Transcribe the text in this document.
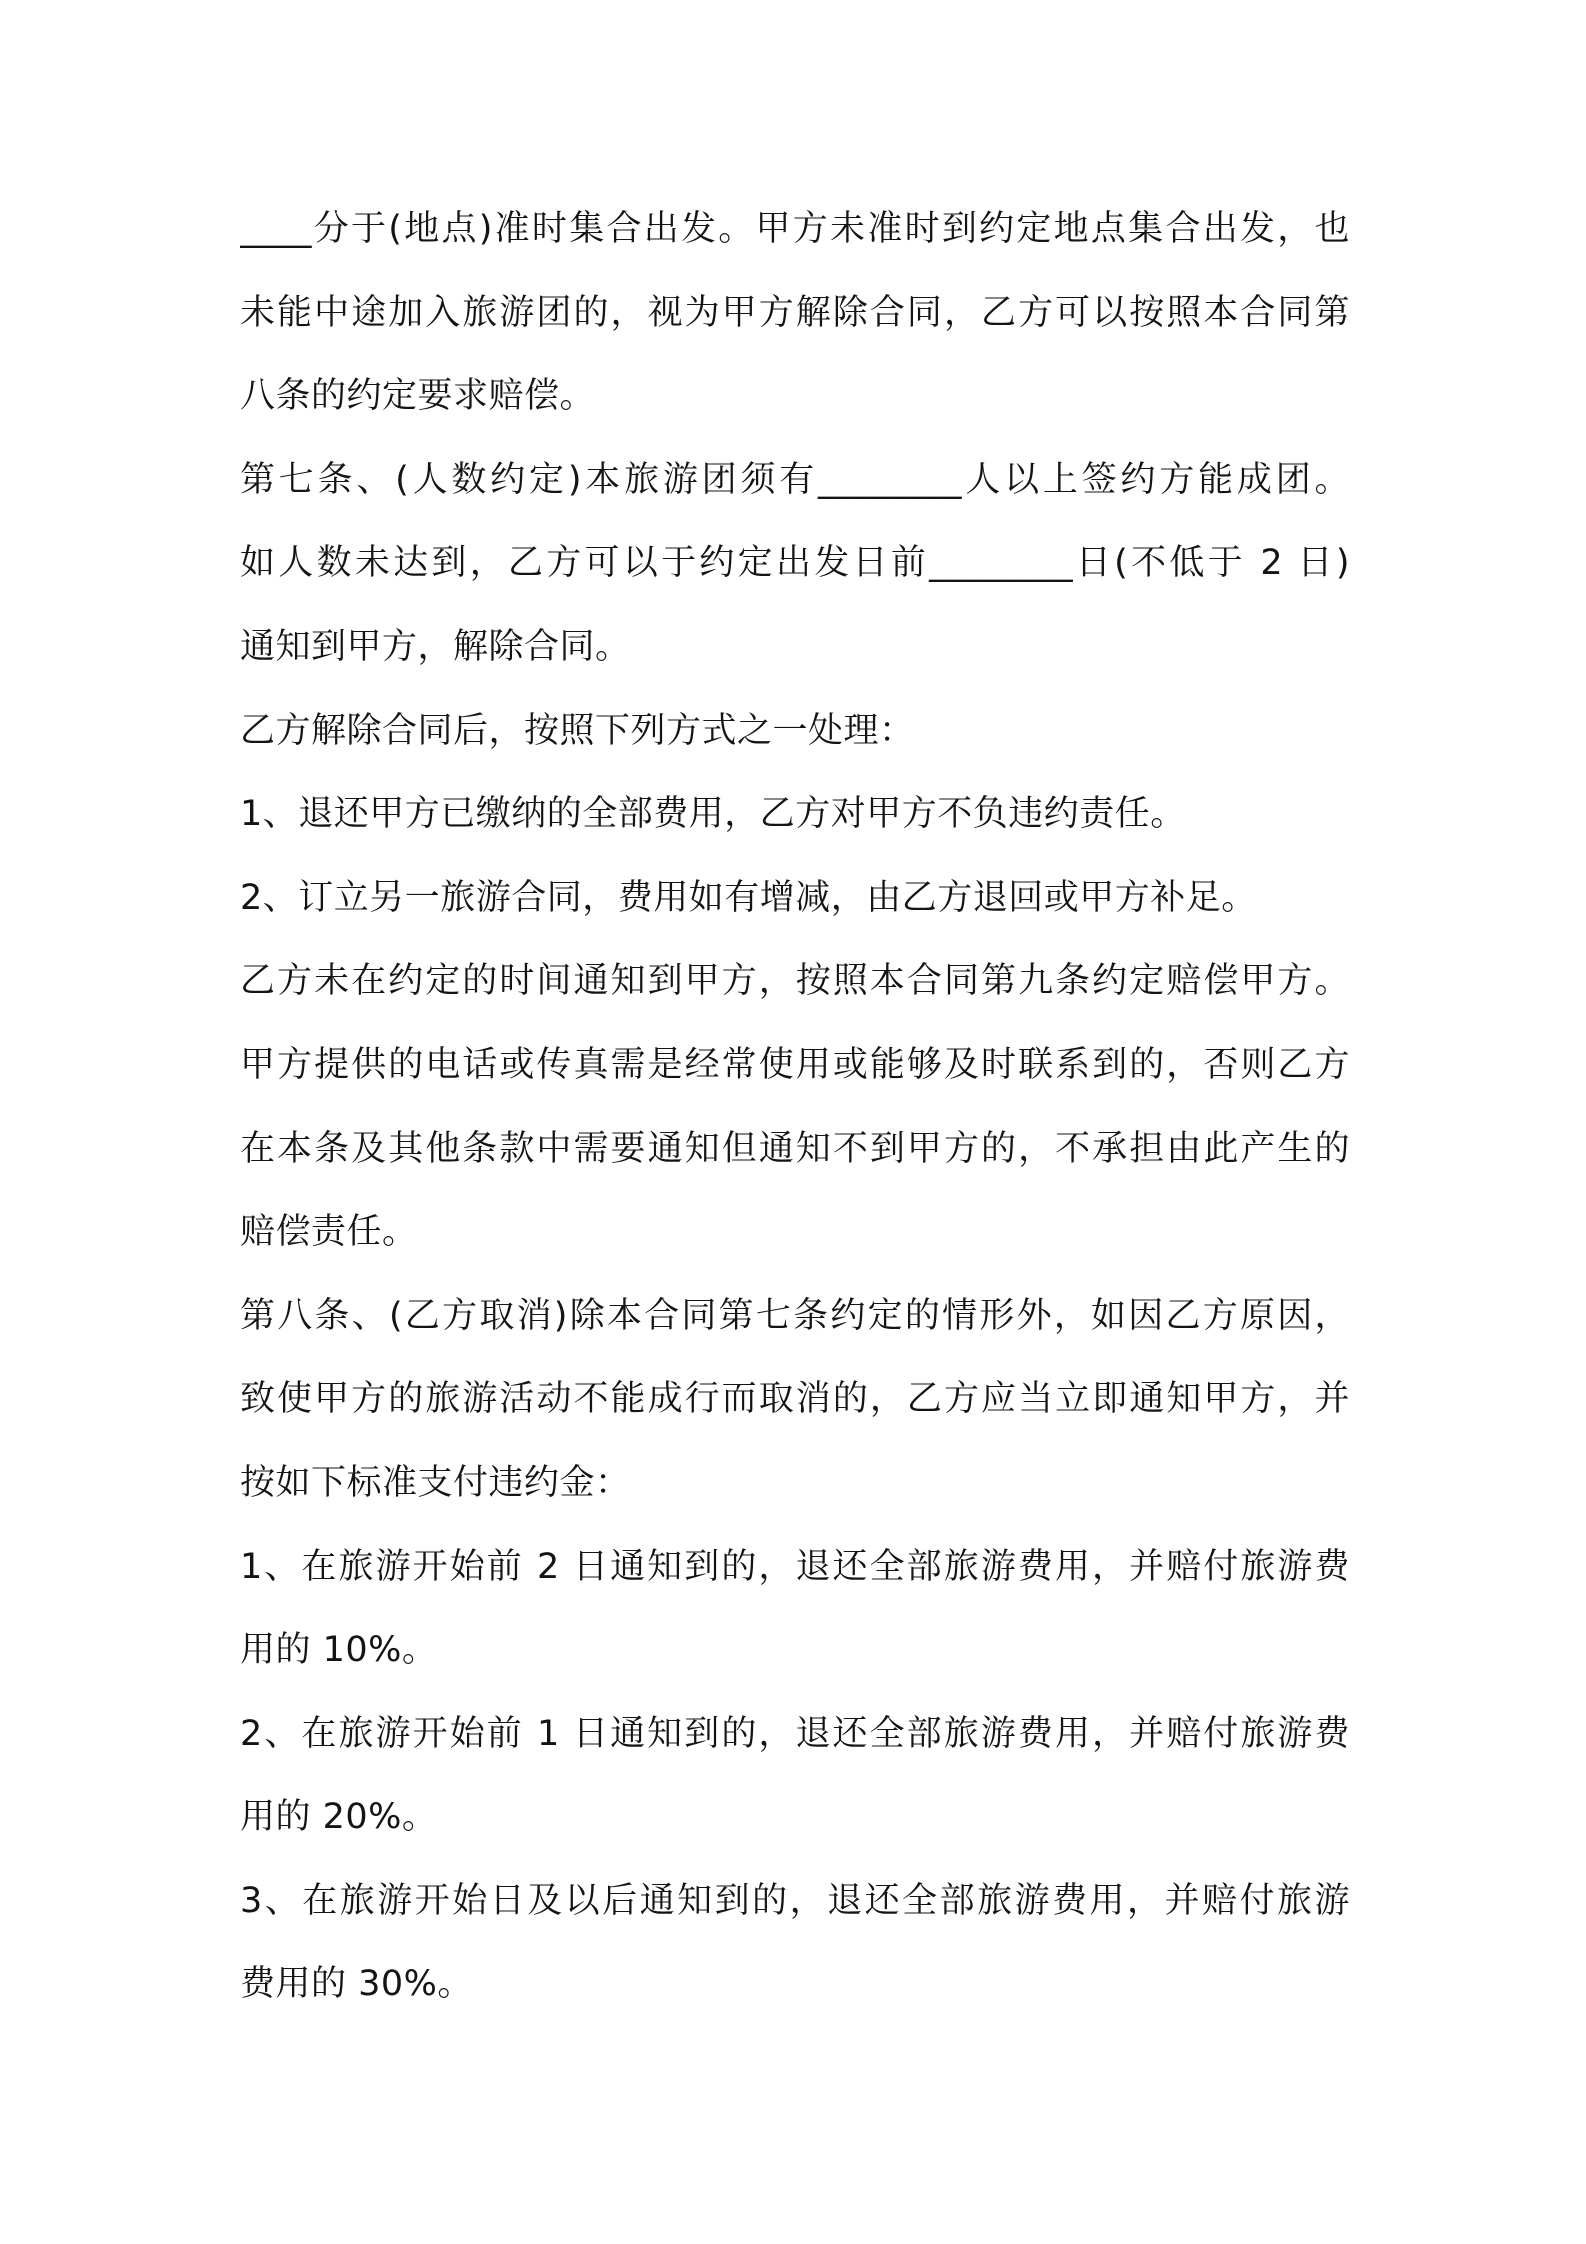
____分于(地点)准时集合出发。甲方未准时到约定地点集合出发，也
未能中途加入旅游团的，视为甲方解除合同，乙方可以按照本合同第
八条的约定要求赔偿。
第七条、(人数约定)本旅游团须有________人以上签约方能成团。
如人数未达到，乙方可以于约定出发日前________日(不低于 2 日)
通知到甲方，解除合同。
乙方解除合同后，按照下列方式之一处理：
1、退还甲方已缴纳的全部费用，乙方对甲方不负违约责任。
2、订立另一旅游合同，费用如有增减，由乙方退回或甲方补足。
乙方未在约定的时间通知到甲方，按照本合同第九条约定赔偿甲方。
甲方提供的电话或传真需是经常使用或能够及时联系到的，否则乙方
在本条及其他条款中需要通知但通知不到甲方的，不承担由此产生的
赔偿责任。
第八条、(乙方取消)除本合同第七条约定的情形外，如因乙方原因，
致使甲方的旅游活动不能成行而取消的，乙方应当立即通知甲方，并
按如下标准支付违约金：
1、在旅游开始前 2 日通知到的，退还全部旅游费用，并赔付旅游费
用的 10%。
2、在旅游开始前 1 日通知到的，退还全部旅游费用，并赔付旅游费
用的 20%。
3、在旅游开始日及以后通知到的，退还全部旅游费用，并赔付旅游
费用的 30%。
